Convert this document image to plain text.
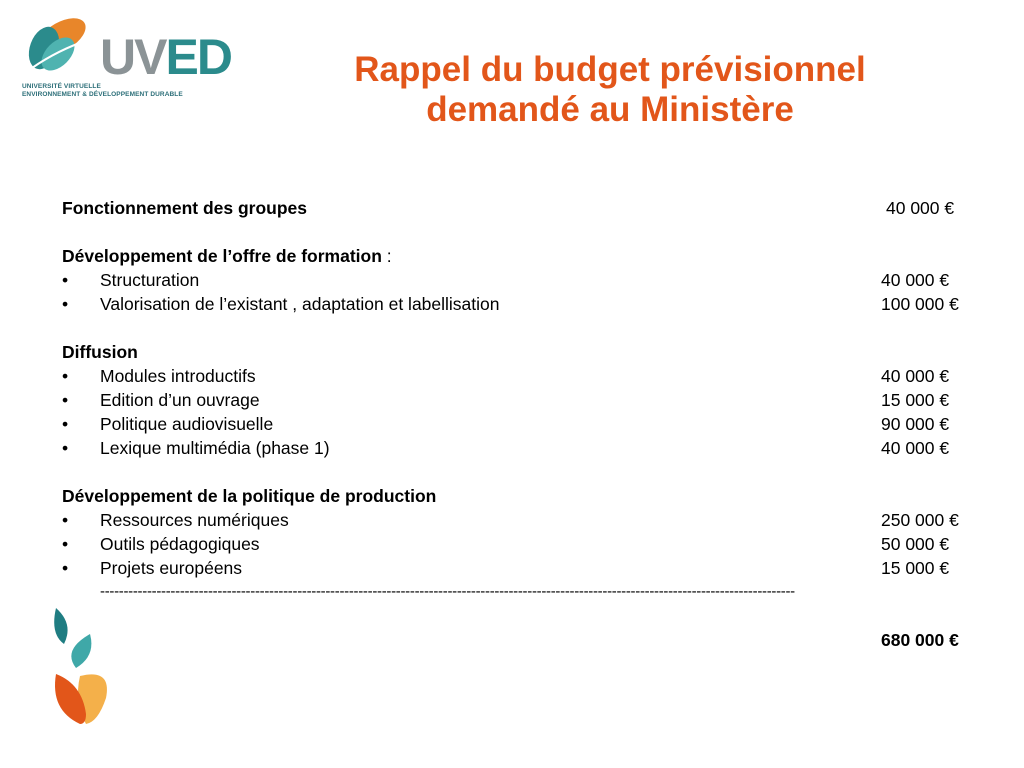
UVED
UNIVERSITÉ VIRTUELLE
ENVIRONNEMENT & DÉVELOPPEMENT DURABLE
Rappel du budget prévisionnel
demandé au Ministère
Fonctionnement des groupes	40 000 €
Développement de l’offre de formation :
• Structuration	40 000 €
• Valorisation de l’existant , adaptation et labellisation	100 000 €
Diffusion
• Modules introductifs	40 000 €
• Edition d’un ouvrage	15 000 €
• Politique audiovisuelle	90 000 €
• Lexique multimédia (phase 1)	40 000 €
Développement de la politique de production
• Ressources numériques	250 000 €
• Outils pédagogiques	50 000 €
• Projets européens	15 000 €
----------------------------------------------------------------------------------------------------------------------------------------------------
680 000 €
